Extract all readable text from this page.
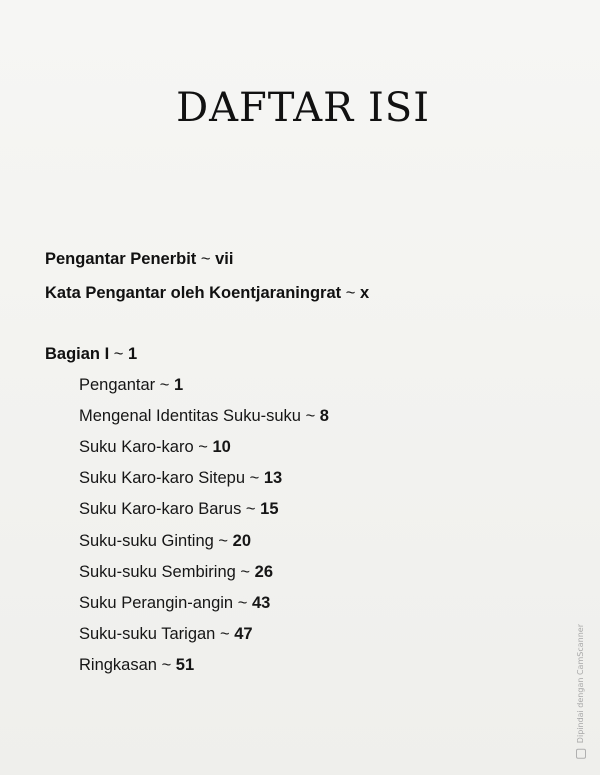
DAFTAR ISI
Pengantar Penerbit ~ vii
Kata Pengantar oleh Koentjaraningrat ~ x
Bagian I ~ 1
Pengantar ~ 1
Mengenal Identitas Suku-suku ~ 8
Suku Karo-karo ~ 10
Suku Karo-karo Sitepu ~ 13
Suku Karo-karo Barus ~ 15
Suku-suku Ginting ~ 20
Suku-suku Sembiring ~ 26
Suku Perangin-angin ~ 43
Suku-suku Tarigan ~ 47
Ringkasan ~ 51	Dipindai dengan CamScanner
